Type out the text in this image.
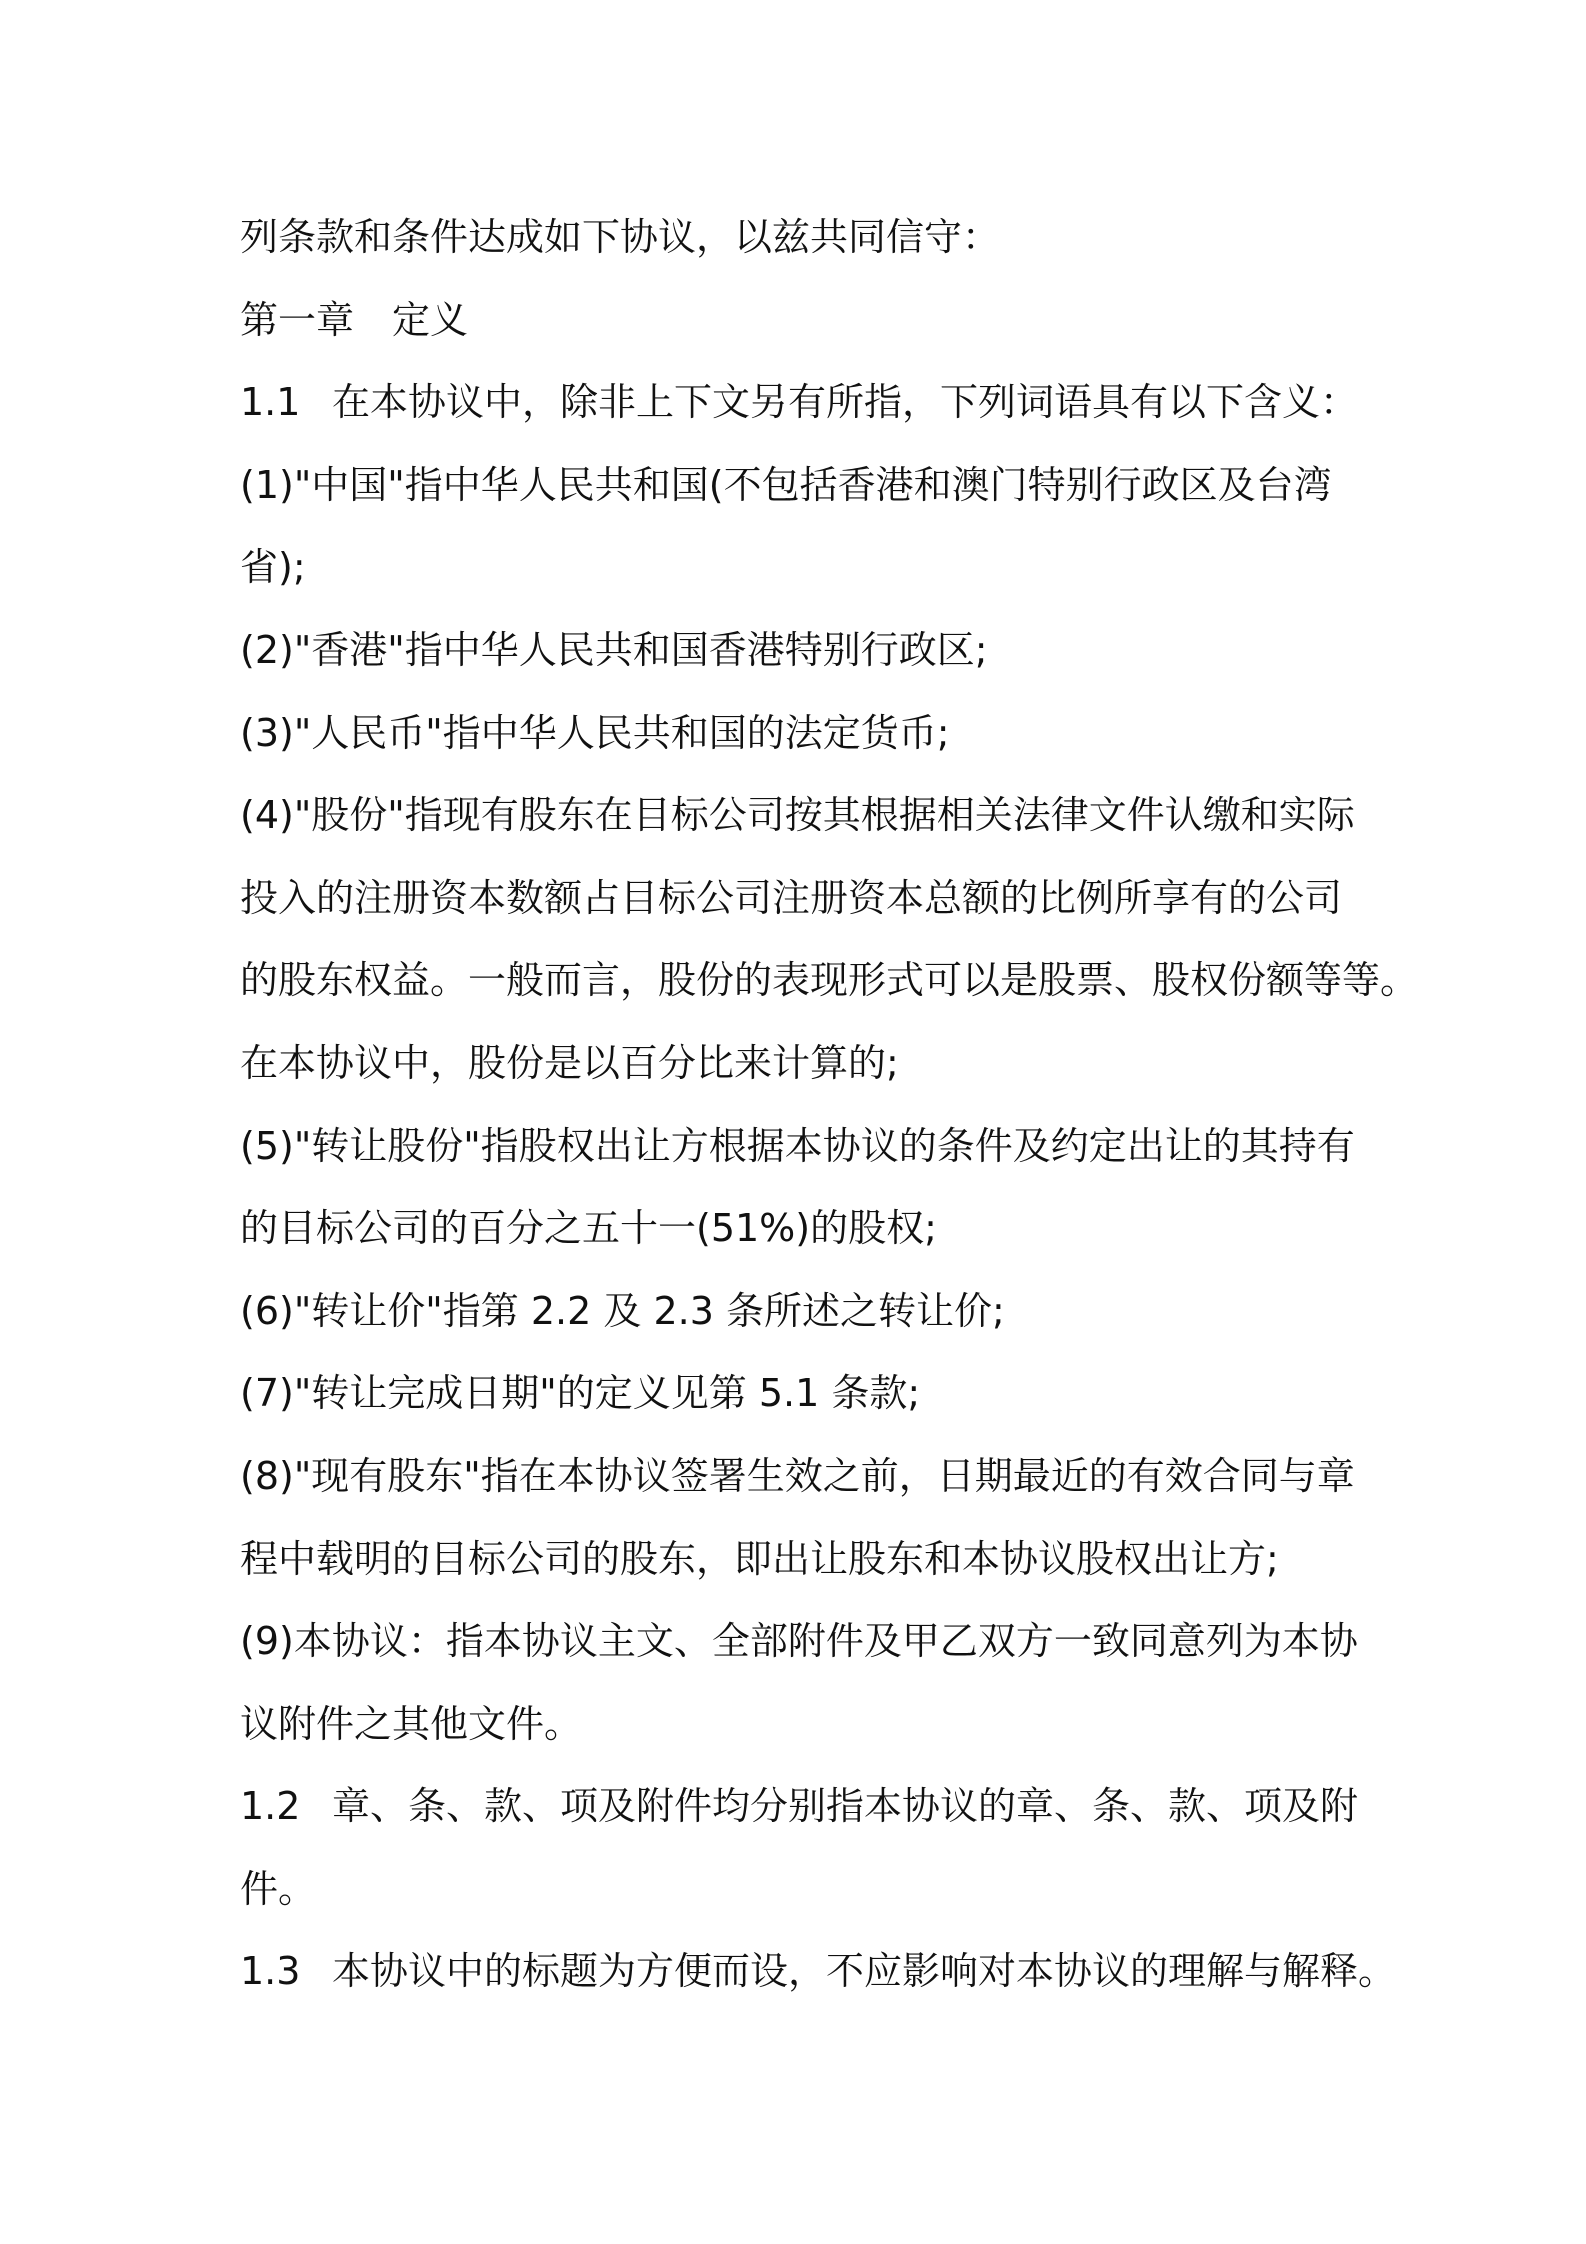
列条款和条件达成如下协议，以兹共同信守：
第一章 定义
1.1 在本协议中，除非上下文另有所指，下列词语具有以下含义：
(1)"中国"指中华人民共和国(不包括香港和澳门特别行政区及台湾
省);
(2)"香港"指中华人民共和国香港特别行政区;
(3)"人民币"指中华人民共和国的法定货币;
(4)"股份"指现有股东在目标公司按其根据相关法律文件认缴和实际
投入的注册资本数额占目标公司注册资本总额的比例所享有的公司
的股东权益。一般而言，股份的表现形式可以是股票、股权份额等等。
在本协议中，股份是以百分比来计算的;
(5)"转让股份"指股权出让方根据本协议的条件及约定出让的其持有
的目标公司的百分之五十一(51%)的股权;
(6)"转让价"指第 2.2 及 2.3 条所述之转让价;
(7)"转让完成日期"的定义见第 5.1 条款;
(8)"现有股东"指在本协议签署生效之前，日期最近的有效合同与章
程中载明的目标公司的股东，即出让股东和本协议股权出让方;
(9)本协议：指本协议主文、全部附件及甲乙双方一致同意列为本协
议附件之其他文件。
1.2 章、条、款、项及附件均分别指本协议的章、条、款、项及附
件。
1.3 本协议中的标题为方便而设，不应影响对本协议的理解与解释。
